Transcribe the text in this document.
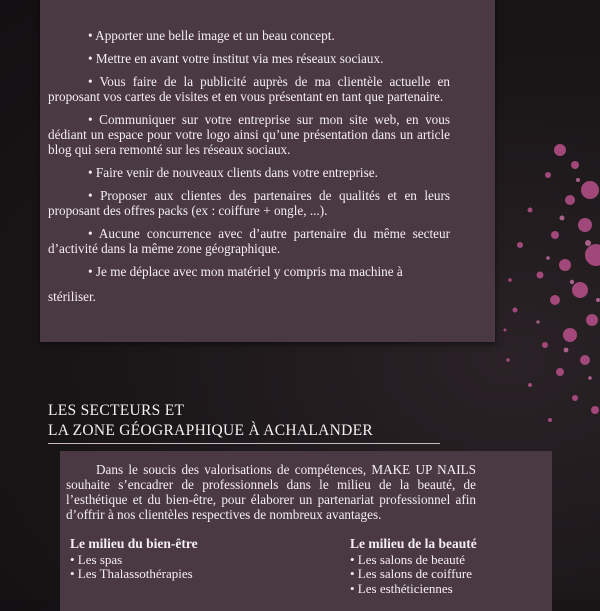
• Apporter une belle image et un beau concept.

• Mettre en avant votre institut via mes réseaux sociaux.

• Vous faire de la publicité auprès de ma clientèle actuelle en proposant vos cartes de visites et en vous présentant en tant que partenaire.

• Communiquer sur votre entreprise sur mon site web, en vous dédiant un espace pour votre logo ainsi qu’une présentation dans un article blog qui sera remonté sur les réseaux sociaux.

• Faire venir de nouveaux clients dans votre entreprise.

• Proposer aux clientes des partenaires de qualités et en leurs proposant des offres packs (ex : coiffure + ongle, ...).

• Aucune concurrence avec d’autre partenaire du même secteur d’activité dans la même zone géographique.

• Je me déplace avec mon matériel y compris ma machine à

stériliser.

LES SECTEURS ET
LA ZONE GÉOGRAPHIQUE À ACHALANDER
Dans le soucis des valorisations de compétences, MAKE UP NAILS souhaite s’encadrer de professionnels dans le milieu de la beauté, de l’esthétique et du bien-être, pour élaborer un partenariat professionnel afin d’offrir à nos clientèles respectives de nombreux avantages.
Le milieu du bien-être
• Les spas
• Les Thalassothérapies
Le milieu de la beauté
• Les salons de beauté
• Les salons de coiffure
• Les esthéticiennes
